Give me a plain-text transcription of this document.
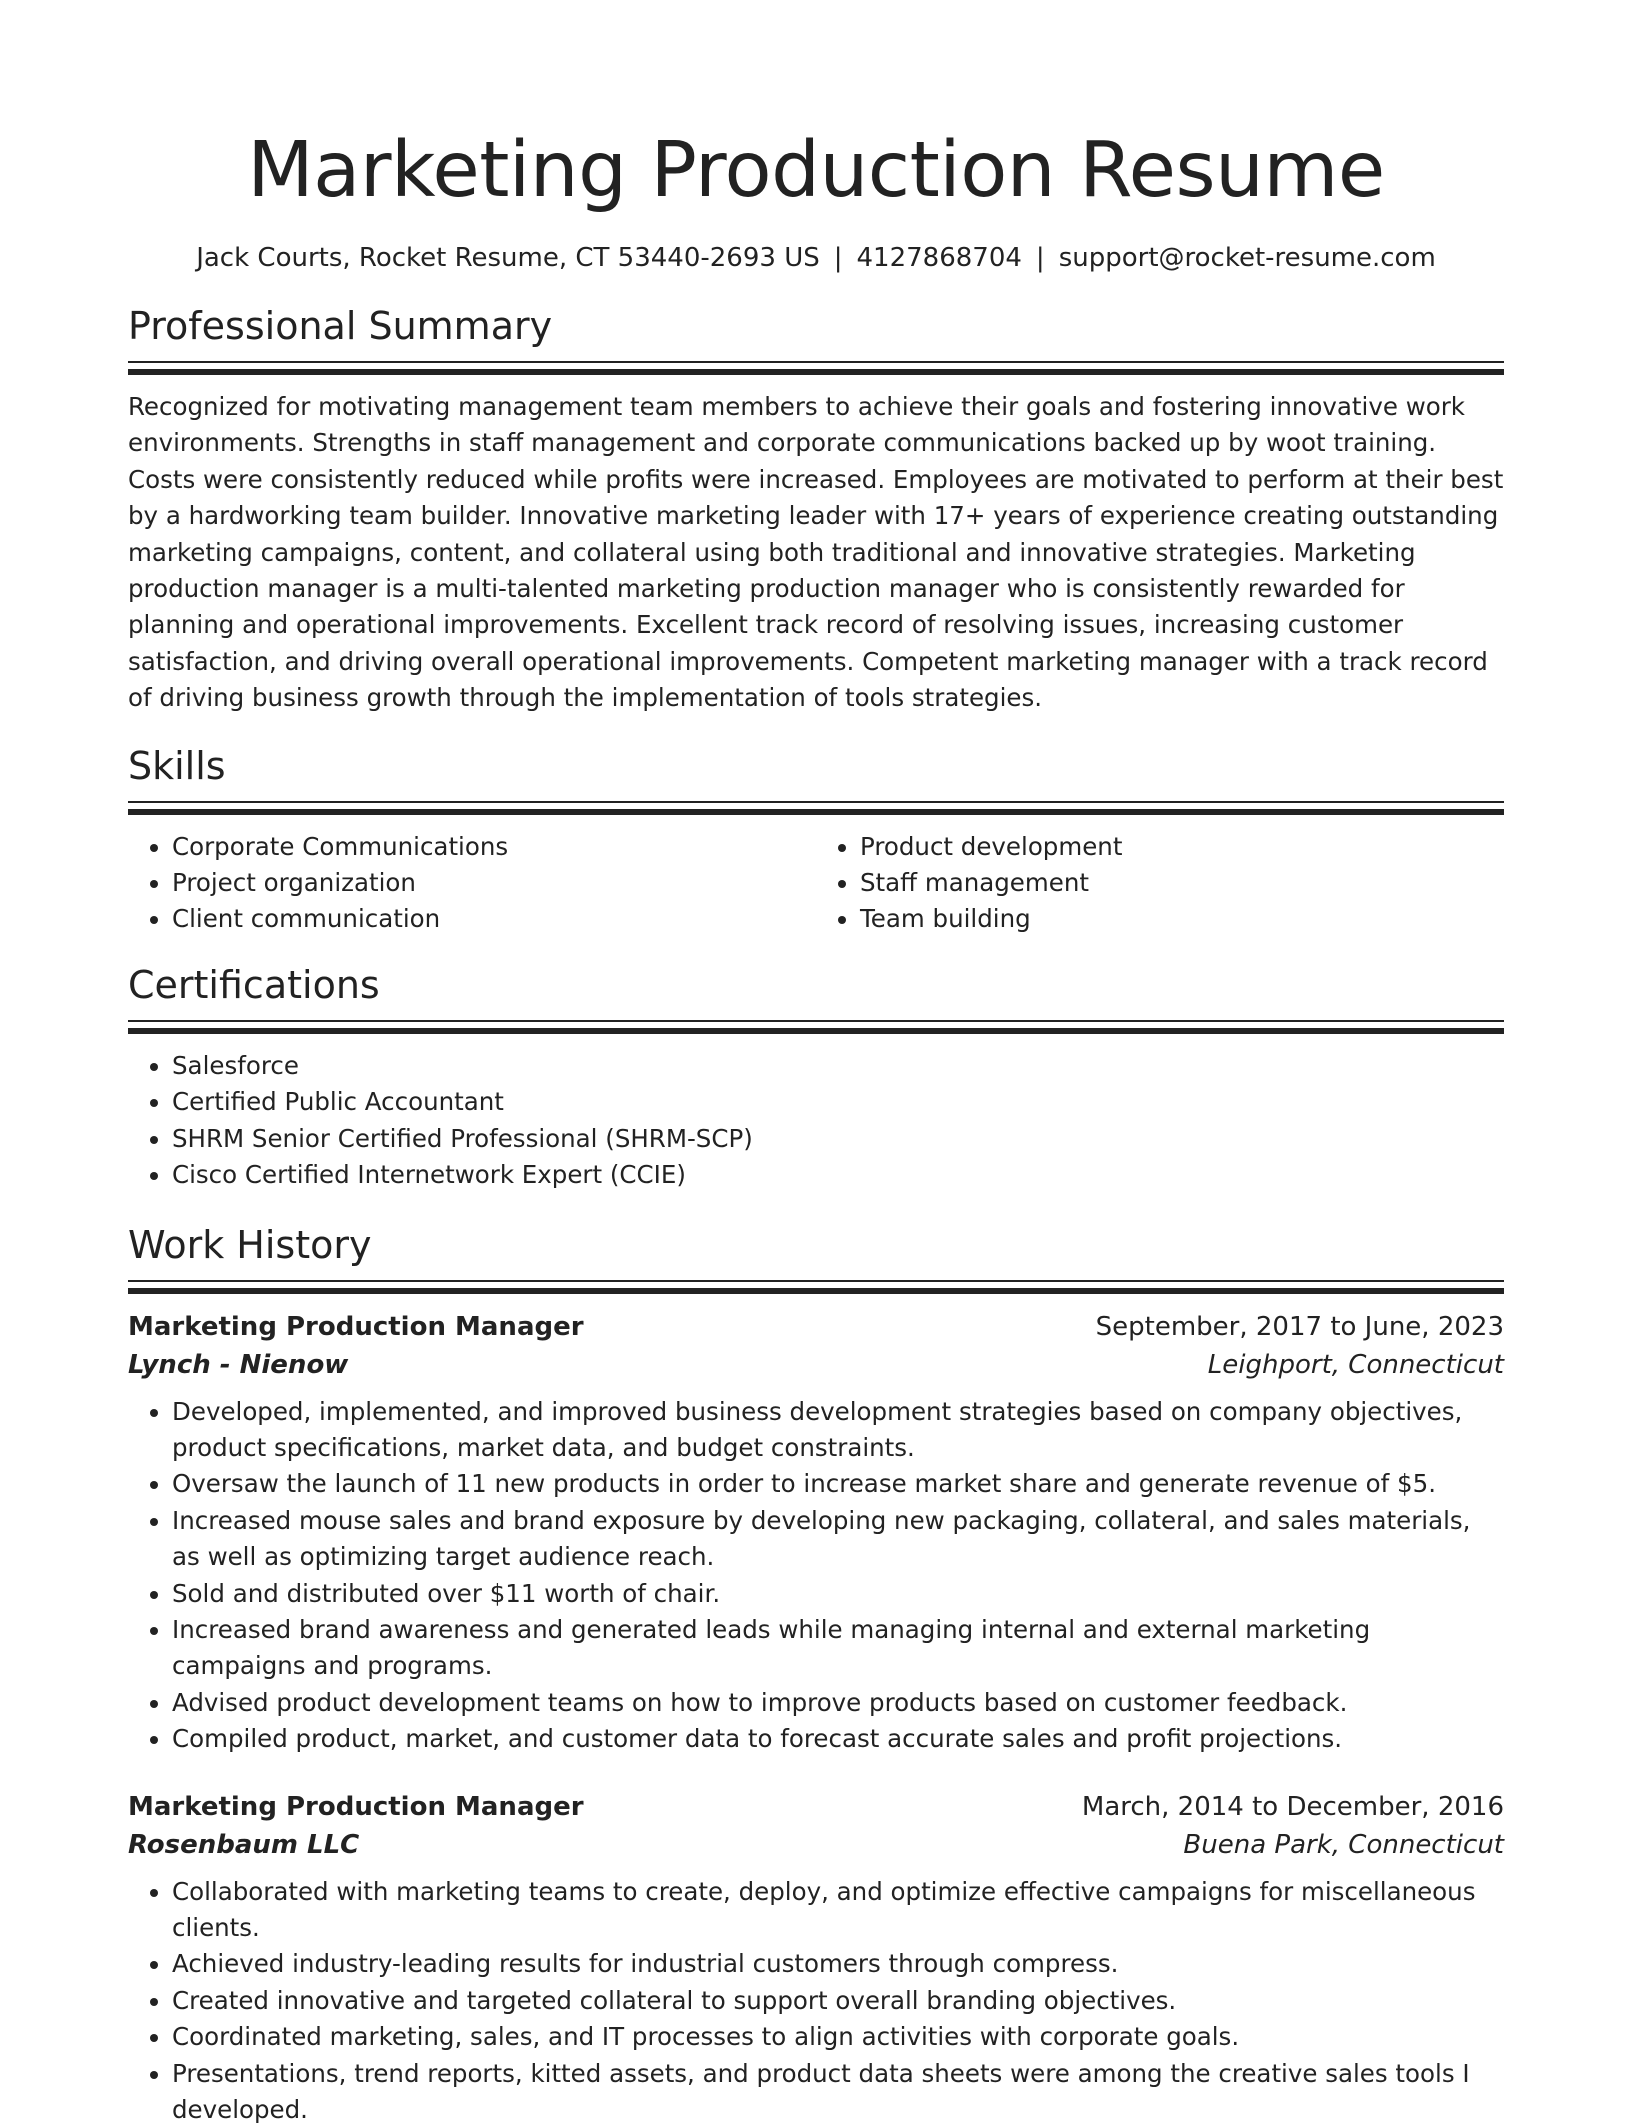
Marketing Production Resume
Jack Courts, Rocket Resume, CT 53440-2693 US | 4127868704 | support@rocket-resume.com
Professional Summary

Recognized for motivating management team members to achieve their goals and fostering innovative work environments. Strengths in staff management and corporate communications backed up by woot training. Costs were consistently reduced while profits were increased. Employees are motivated to perform at their best by a hardworking team builder. Innovative marketing leader with 17+ years of experience creating outstanding marketing campaigns, content, and collateral using both traditional and innovative strategies. Marketing production manager is a multi-talented marketing production manager who is consistently rewarded for planning and operational improvements. Excellent track record of resolving issues, increasing customer satisfaction, and driving overall operational improvements. Competent marketing manager with a track record of driving business growth through the implementation of tools strategies.

Skills
• Corporate Communications
• Project organization
• Client communication
• Product development
• Staff management
• Team building
Certifications
• Salesforce
• Certified Public Accountant
• SHRM Senior Certified Professional (SHRM-SCP)
• Cisco Certified Internetwork Expert (CCIE)
Work History
Marketing Production Manager	September, 2017 to June, 2023
Lynch - Nienow	Leighport, Connecticut
• Developed, implemented, and improved business development strategies based on company objectives, product specifications, market data, and budget constraints.
• Oversaw the launch of 11 new products in order to increase market share and generate revenue of $5.
• Increased mouse sales and brand exposure by developing new packaging, collateral, and sales materials, as well as optimizing target audience reach.
• Sold and distributed over $11 worth of chair.
• Increased brand awareness and generated leads while managing internal and external marketing campaigns and programs.
• Advised product development teams on how to improve products based on customer feedback.
• Compiled product, market, and customer data to forecast accurate sales and profit projections.
Marketing Production Manager	March, 2014 to December, 2016
Rosenbaum LLC	Buena Park, Connecticut
• Collaborated with marketing teams to create, deploy, and optimize effective campaigns for miscellaneous clients.
• Achieved industry-leading results for industrial customers through compress.
• Created innovative and targeted collateral to support overall branding objectives.
• Coordinated marketing, sales, and IT processes to align activities with corporate goals.
• Presentations, trend reports, kitted assets, and product data sheets were among the creative sales tools I developed.
